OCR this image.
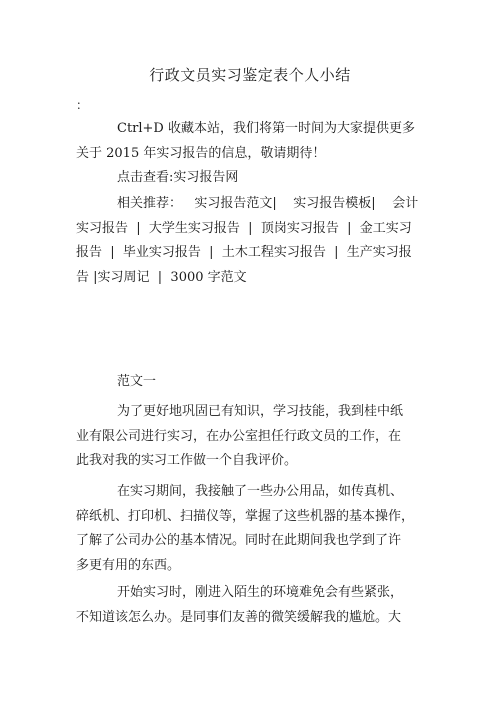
行政文员实习鉴定表个人小结
：
Ctrl+D 收藏本站，我们将第一时间为大家提供更多
关于 2015 年实习报告的信息，敬请期待！
点击查看:实习报告网
相关推荐：   实习报告范文|    实习报告模板|    会计
实习报告  |  大学生实习报告  |  顶岗实习报告  |  金工实习
报告  |  毕业实习报告  |  土木工程实习报告  |  生产实习报
告 |实习周记  |  3000 字范文
范文一
为了更好地巩固已有知识，学习技能，我到桂中纸
业有限公司进行实习，在办公室担任行政文员的工作，在
此我对我的实习工作做一个自我评价。
在实习期间，我接触了一些办公用品，如传真机、
碎纸机、打印机、扫描仪等，掌握了这些机器的基本操作，
了解了公司办公的基本情况。同时在此期间我也学到了许
多更有用的东西。
开始实习时，刚进入陌生的环境难免会有些紧张，
不知道该怎么办。是同事们友善的微笑缓解我的尴尬。大
